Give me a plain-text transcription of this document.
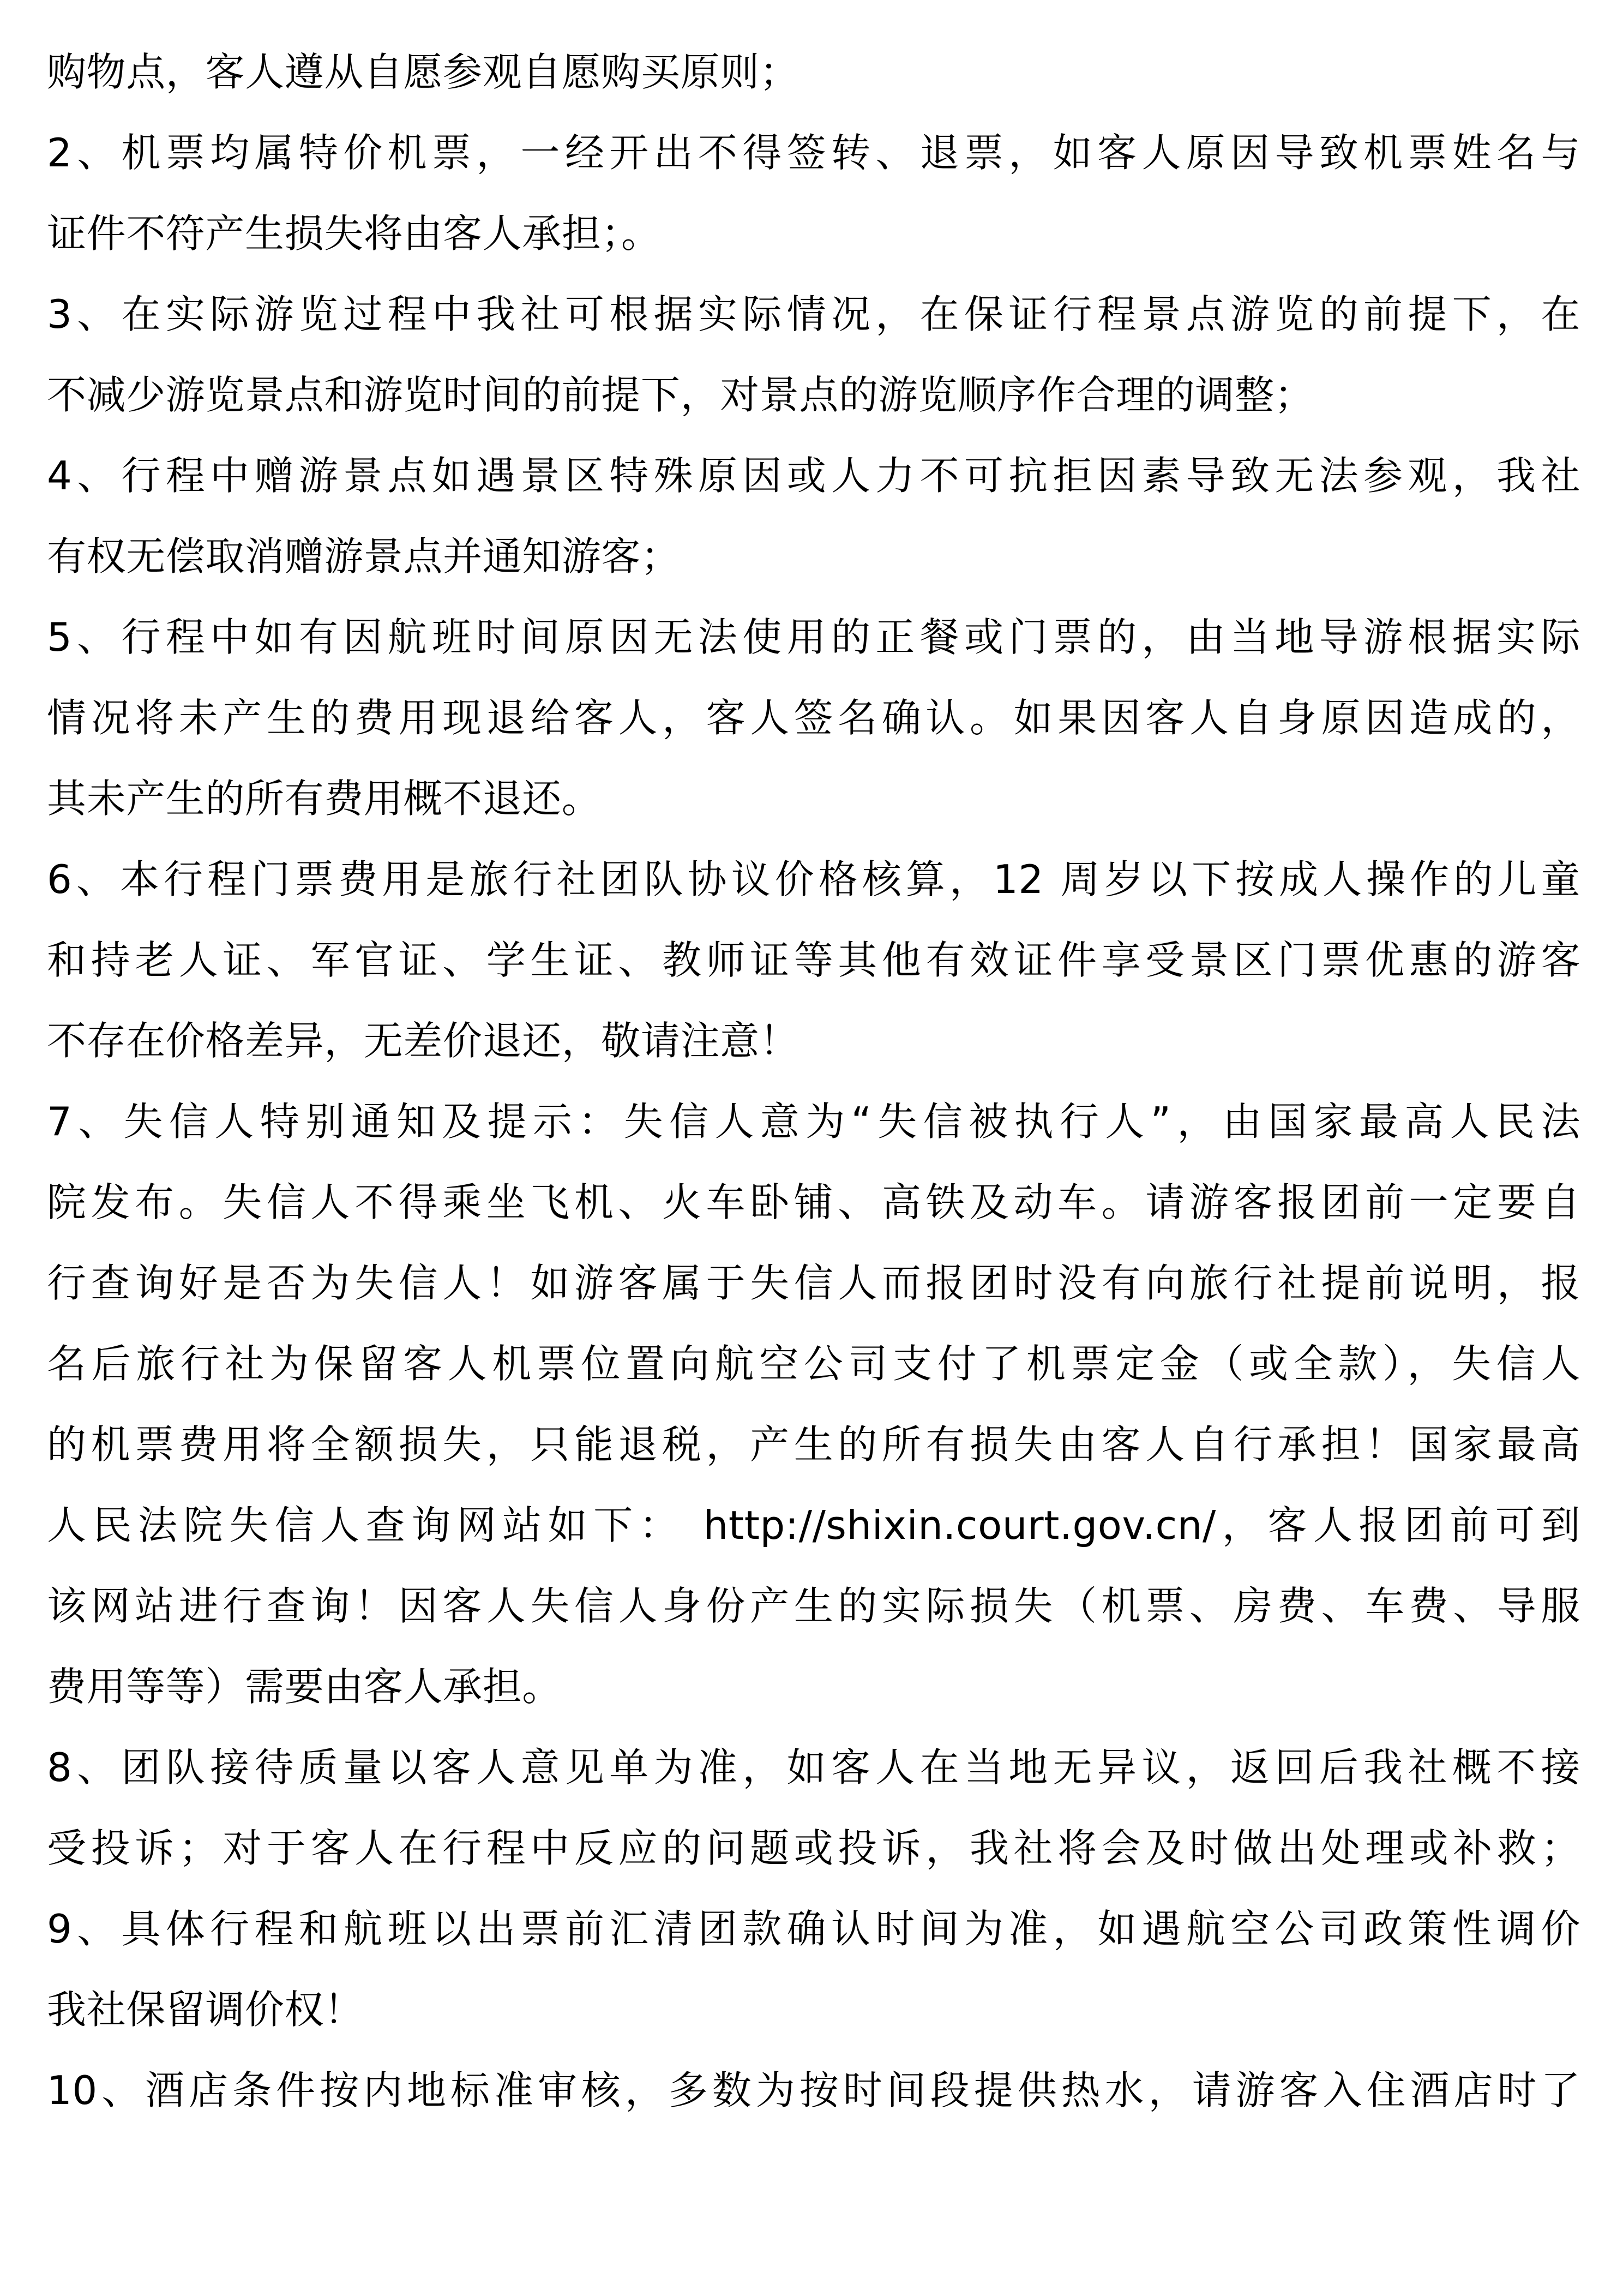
购物点，客人遵从自愿参观自愿购买原则；
2、机票均属特价机票，一经开出不得签转、退票，如客人原因导致机票姓名与
证件不符产生损失将由客人承担；。
3、在实际游览过程中我社可根据实际情况，在保证行程景点游览的前提下，在
不减少游览景点和游览时间的前提下，对景点的游览顺序作合理的调整；
4、行程中赠游景点如遇景区特殊原因或人力不可抗拒因素导致无法参观，我社
有权无偿取消赠游景点并通知游客；
5、行程中如有因航班时间原因无法使用的正餐或门票的，由当地导游根据实际
情况将未产生的费用现退给客人，客人签名确认。如果因客人自身原因造成的，
其未产生的所有费用概不退还。
6、本行程门票费用是旅行社团队协议价格核算，12 周岁以下按成人操作的儿童
和持老人证、军官证、学生证、教师证等其他有效证件享受景区门票优惠的游客
不存在价格差异，无差价退还，敬请注意！
7、失信人特别通知及提示：失信人意为“失信被执行人”，由国家最高人民法
院发布。失信人不得乘坐飞机、火车卧铺、高铁及动车。请游客报团前一定要自
行查询好是否为失信人！如游客属于失信人而报团时没有向旅行社提前说明，报
名后旅行社为保留客人机票位置向航空公司支付了机票定金（或全款），失信人
的机票费用将全额损失，只能退税，产生的所有损失由客人自行承担！国家最高
人民法院失信人查询网站如下： http://shixin.court.gov.cn/，客人报团前可到
该网站进行查询！因客人失信人身份产生的实际损失（机票、房费、车费、导服
费用等等）需要由客人承担。
8、团队接待质量以客人意见单为准，如客人在当地无异议，返回后我社概不接
受投诉；对于客人在行程中反应的问题或投诉，我社将会及时做出处理或补救；
9、具体行程和航班以出票前汇清团款确认时间为准，如遇航空公司政策性调价
我社保留调价权！
10、酒店条件按内地标准审核，多数为按时间段提供热水，请游客入住酒店时了
